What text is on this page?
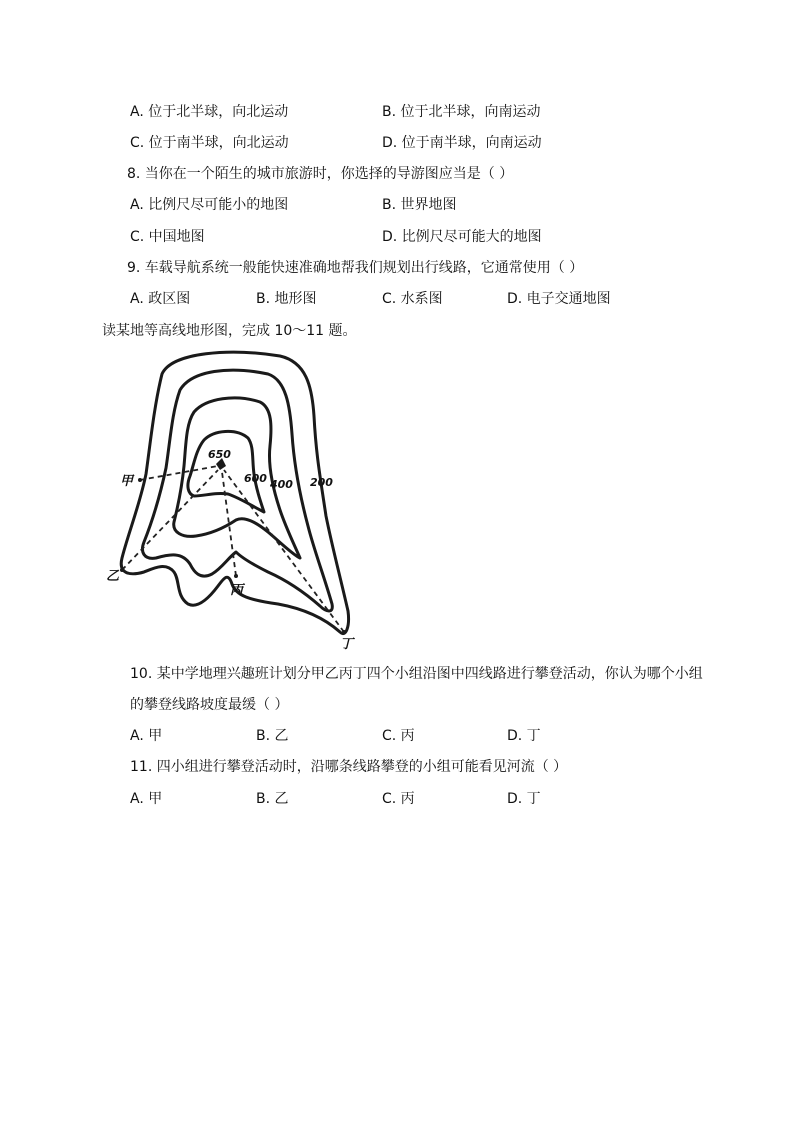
A. 位于北半球，向北运动	B. 位于北半球，向南运动
C. 位于南半球，向北运动	D. 位于南半球，向南运动
8. 当你在一个陌生的城市旅游时，你选择的导游图应当是（ ）
A. 比例尺尽可能小的地图	B. 世界地图
C. 中国地图	D. 比例尺尽可能大的地图
9. 车载导航系统一般能快速准确地帮我们规划出行线路，它通常使用（ ）
A. 政区图	B. 地形图	C. 水系图	D. 电子交通地图
读某地等高线地形图，完成 10～11 题。
甲
乙
丙
丁
650
600 400 200
10. 某中学地理兴趣班计划分甲乙丙丁四个小组沿图中四线路进行攀登活动，你认为哪个小组
的攀登线路坡度最缓（ ）
A. 甲	B. 乙	C. 丙	D. 丁
11. 四小组进行攀登活动时，沿哪条线路攀登的小组可能看见河流（ ）
A. 甲	B. 乙	C. 丙	D. 丁
